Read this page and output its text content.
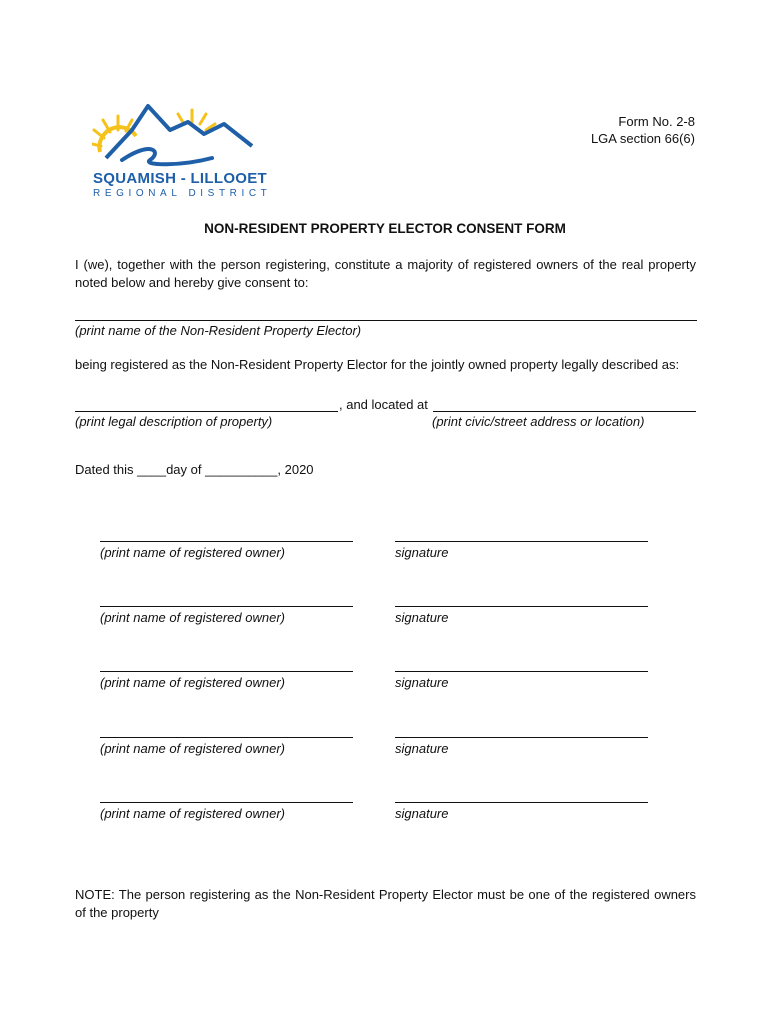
SQUAMISH - LILLOOET
REGIONAL DISTRICT
Form No. 2-8
LGA section 66(6)
NON-RESIDENT PROPERTY ELECTOR CONSENT FORM
I (we), together with the person registering, constitute a majority of registered owners of the real property noted below and hereby give consent to:
(print name of the Non-Resident Property Elector)
being registered as the Non-Resident Property Elector for the jointly owned property legally described as:
, and located at
(print legal description of property)	(print civic/street address or location)
Dated this ____day of __________, 2020
(print name of registered owner)	signature
(print name of registered owner)	signature
(print name of registered owner)	signature
(print name of registered owner)	signature
(print name of registered owner)	signature
NOTE: The person registering as the Non-Resident Property Elector must be one of the registered owners of the property
